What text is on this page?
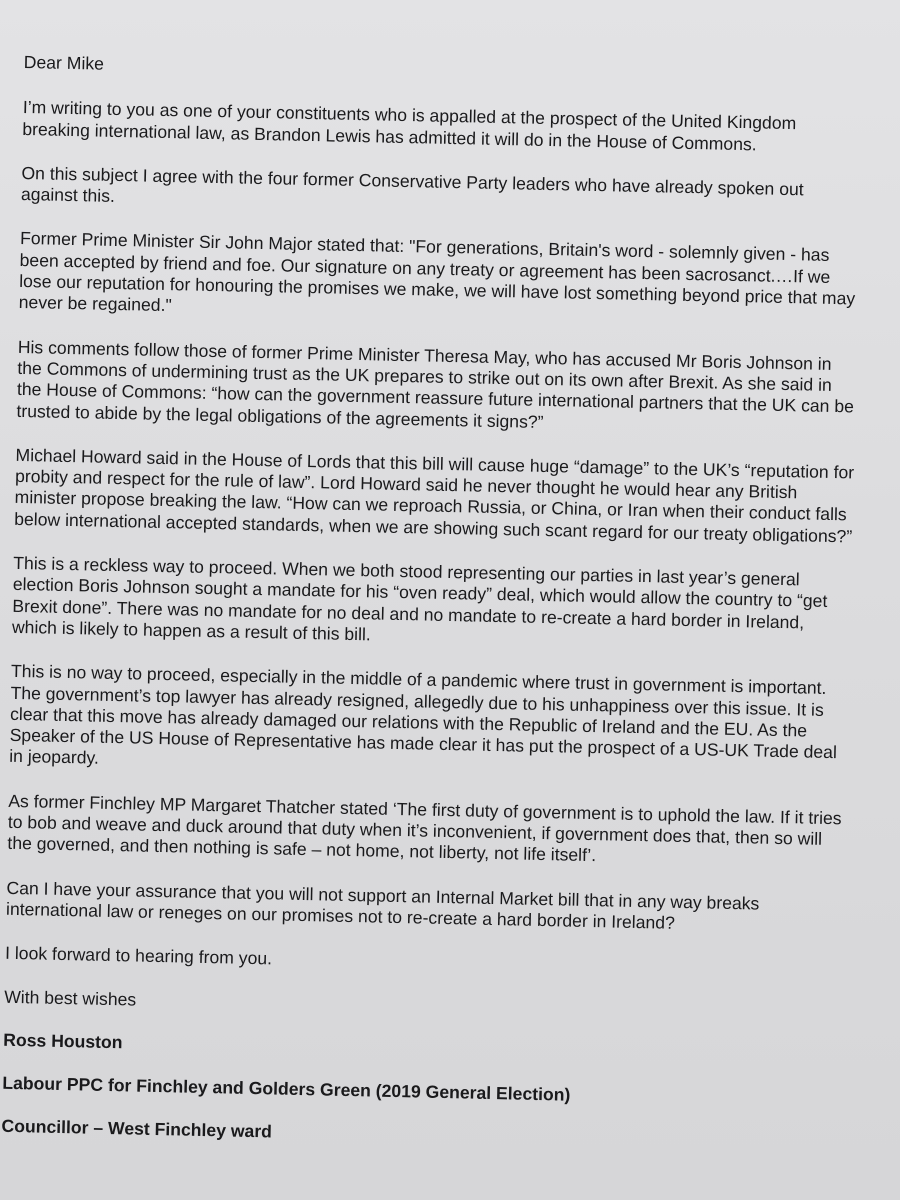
Dear Mike

I’m writing to you as one of your constituents who is appalled at the prospect of the United Kingdom breaking international law, as Brandon Lewis has admitted it will do in the House of Commons.

On this subject I agree with the four former Conservative Party leaders who have already spoken out against this.

Former Prime Minister Sir John Major stated that: "For generations, Britain's word - solemnly given - has been accepted by friend and foe. Our signature on any treaty or agreement has been sacrosanct.…If we lose our reputation for honouring the promises we make, we will have lost something beyond price that may never be regained."

His comments follow those of former Prime Minister Theresa May, who has accused Mr Boris Johnson in the Commons of undermining trust as the UK prepares to strike out on its own after Brexit. As she said in the House of Commons: “how can the government reassure future international partners that the UK can be trusted to abide by the legal obligations of the agreements it signs?”

Michael Howard said in the House of Lords that this bill will cause huge “damage” to the UK’s “reputation for probity and respect for the rule of law”. Lord Howard said he never thought he would hear any British minister propose breaking the law. “How can we reproach Russia, or China, or Iran when their conduct falls below international accepted standards, when we are showing such scant regard for our treaty obligations?”

This is a reckless way to proceed. When we both stood representing our parties in last year’s general election Boris Johnson sought a mandate for his “oven ready” deal, which would allow the country to “get Brexit done”. There was no mandate for no deal and no mandate to re-create a hard border in Ireland, which is likely to happen as a result of this bill.

This is no way to proceed, especially in the middle of a pandemic where trust in government is important. The government’s top lawyer has already resigned, allegedly due to his unhappiness over this issue. It is clear that this move has already damaged our relations with the Republic of Ireland and the EU. As the Speaker of the US House of Representative has made clear it has put the prospect of a US-UK Trade deal in jeopardy.

As former Finchley MP Margaret Thatcher stated ‘The first duty of government is to uphold the law. If it tries to bob and weave and duck around that duty when it’s inconvenient, if government does that, then so will the governed, and then nothing is safe – not home, not liberty, not life itself’.

Can I have your assurance that you will not support an Internal Market bill that in any way breaks international law or reneges on our promises not to re-create a hard border in Ireland?

I look forward to hearing from you.

With best wishes

Ross Houston

Labour PPC for Finchley and Golders Green (2019 General Election)

Councillor – West Finchley ward
